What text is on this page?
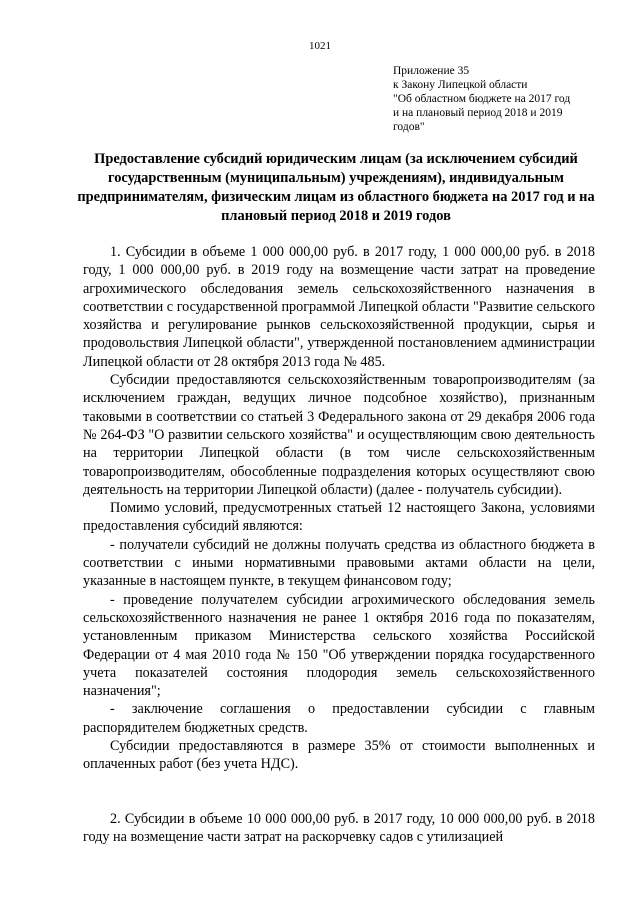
1021
Приложение 35
к Закону Липецкой области
"Об областном бюджете на 2017 год
и на плановый период 2018 и 2019
годов"
Предоставление субсидий юридическим лицам (за исключением субсидий государственным (муниципальным) учреждениям), индивидуальным предпринимателям, физическим лицам из областного бюджета на 2017 год и на плановый период 2018 и 2019 годов

1. Субсидии в объеме 1 000 000,00 руб. в 2017 году, 1 000 000,00 руб. в 2018 году, 1 000 000,00 руб. в 2019 году на возмещение части затрат на проведение агрохимического обследования земель сельскохозяйственного назначения в соответствии с государственной программой Липецкой области "Развитие сельского хозяйства и регулирование рынков сельскохозяйственной продукции, сырья и продовольствия Липецкой области", утвержденной постановлением администрации Липецкой области от 28 октября 2013 года № 485.

Субсидии предоставляются сельскохозяйственным товаропроизводителям (за исключением граждан, ведущих личное подсобное хозяйство), признанным таковыми в соответствии со статьей 3 Федерального закона от 29 декабря 2006 года № 264-ФЗ "О развитии сельского хозяйства" и осуществляющим свою деятельность на территории Липецкой области (в том числе сельскохозяйственным товаропроизводителям, обособленные подразделения которых осуществляют свою деятельность на территории Липецкой области) (далее - получатель субсидии).

Помимо условий, предусмотренных статьей 12 настоящего Закона, условиями предоставления субсидий являются:

- получатели субсидий не должны получать средства из областного бюджета в соответствии с иными нормативными правовыми актами области на цели, указанные в настоящем пункте, в текущем финансовом году;

- проведение получателем субсидии агрохимического обследования земель сельскохозяйственного назначения не ранее 1 октября 2016 года по показателям, установленным приказом Министерства сельского хозяйства Российской Федерации от 4 мая 2010 года № 150 "Об утверждении порядка государственного учета показателей состояния плодородия земель сельскохозяйственного назначения";

- заключение соглашения о предоставлении субсидии с главным распорядителем бюджетных средств.

Субсидии предоставляются в размере 35% от стоимости выполненных и оплаченных работ (без учета НДС).

2. Субсидии в объеме 10 000 000,00 руб. в 2017 году, 10 000 000,00 руб. в 2018 году на возмещение части затрат на раскорчевку садов с утилизацией
